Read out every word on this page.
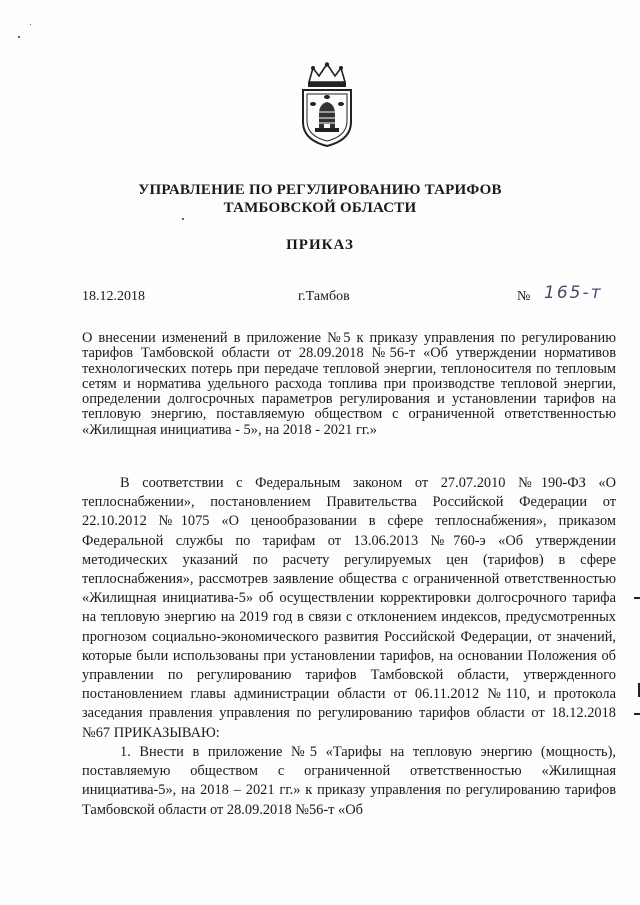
УПРАВЛЕНИЕ ПО РЕГУЛИРОВАНИЮ ТАРИФОВ
ТАМБОВСКОЙ ОБЛАСТИ
ПРИКАЗ
18.12.2018	г.Тамбов	№ 165-т
О внесении изменений в приложение №5 к приказу управления по регулированию тарифов Тамбовской области от 28.09.2018 №56-т «Об утверждении нормативов технологических потерь при передаче тепловой энергии, теплоносителя по тепловым сетям и норматива удельного расхода топлива при производстве тепловой энергии, определении долгосрочных параметров регулирования и установлении тарифов на тепловую энергию, поставляемую обществом с ограниченной ответственностью «Жилищная инициатива - 5», на 2018 - 2021 гг.»
В соответствии с Федеральным законом от 27.07.2010 №190-ФЗ «О теплоснабжении», постановлением Правительства Российской Федерации от 22.10.2012 №1075 «О ценообразовании в сфере теплоснабжения», приказом Федеральной службы по тарифам от 13.06.2013 №760-э «Об утверждении методических указаний по расчету регулируемых цен (тарифов) в сфере теплоснабжения», рассмотрев заявление общества с ограниченной ответственностью «Жилищная инициатива-5» об осуществлении корректировки долгосрочного тарифа на тепловую энергию на 2019 год в связи с отклонением индексов, предусмотренных прогнозом социально-экономического развития Российской Федерации, от значений, которые были использованы при установлении тарифов, на основании Положения об управлении по регулированию тарифов Тамбовской области, утвержденного постановлением главы администрации области от 06.11.2012 №110, и протокола заседания правления управления по регулированию тарифов области от 18.12.2018 №67 ПРИКАЗЫВАЮ:
1. Внести в приложение №5 «Тарифы на тепловую энергию (мощность), поставляемую обществом с ограниченной ответственностью «Жилищная инициатива-5», на 2018 – 2021 гг.» к приказу управления по регулированию тарифов Тамбовской области от 28.09.2018 №56-т «Об
